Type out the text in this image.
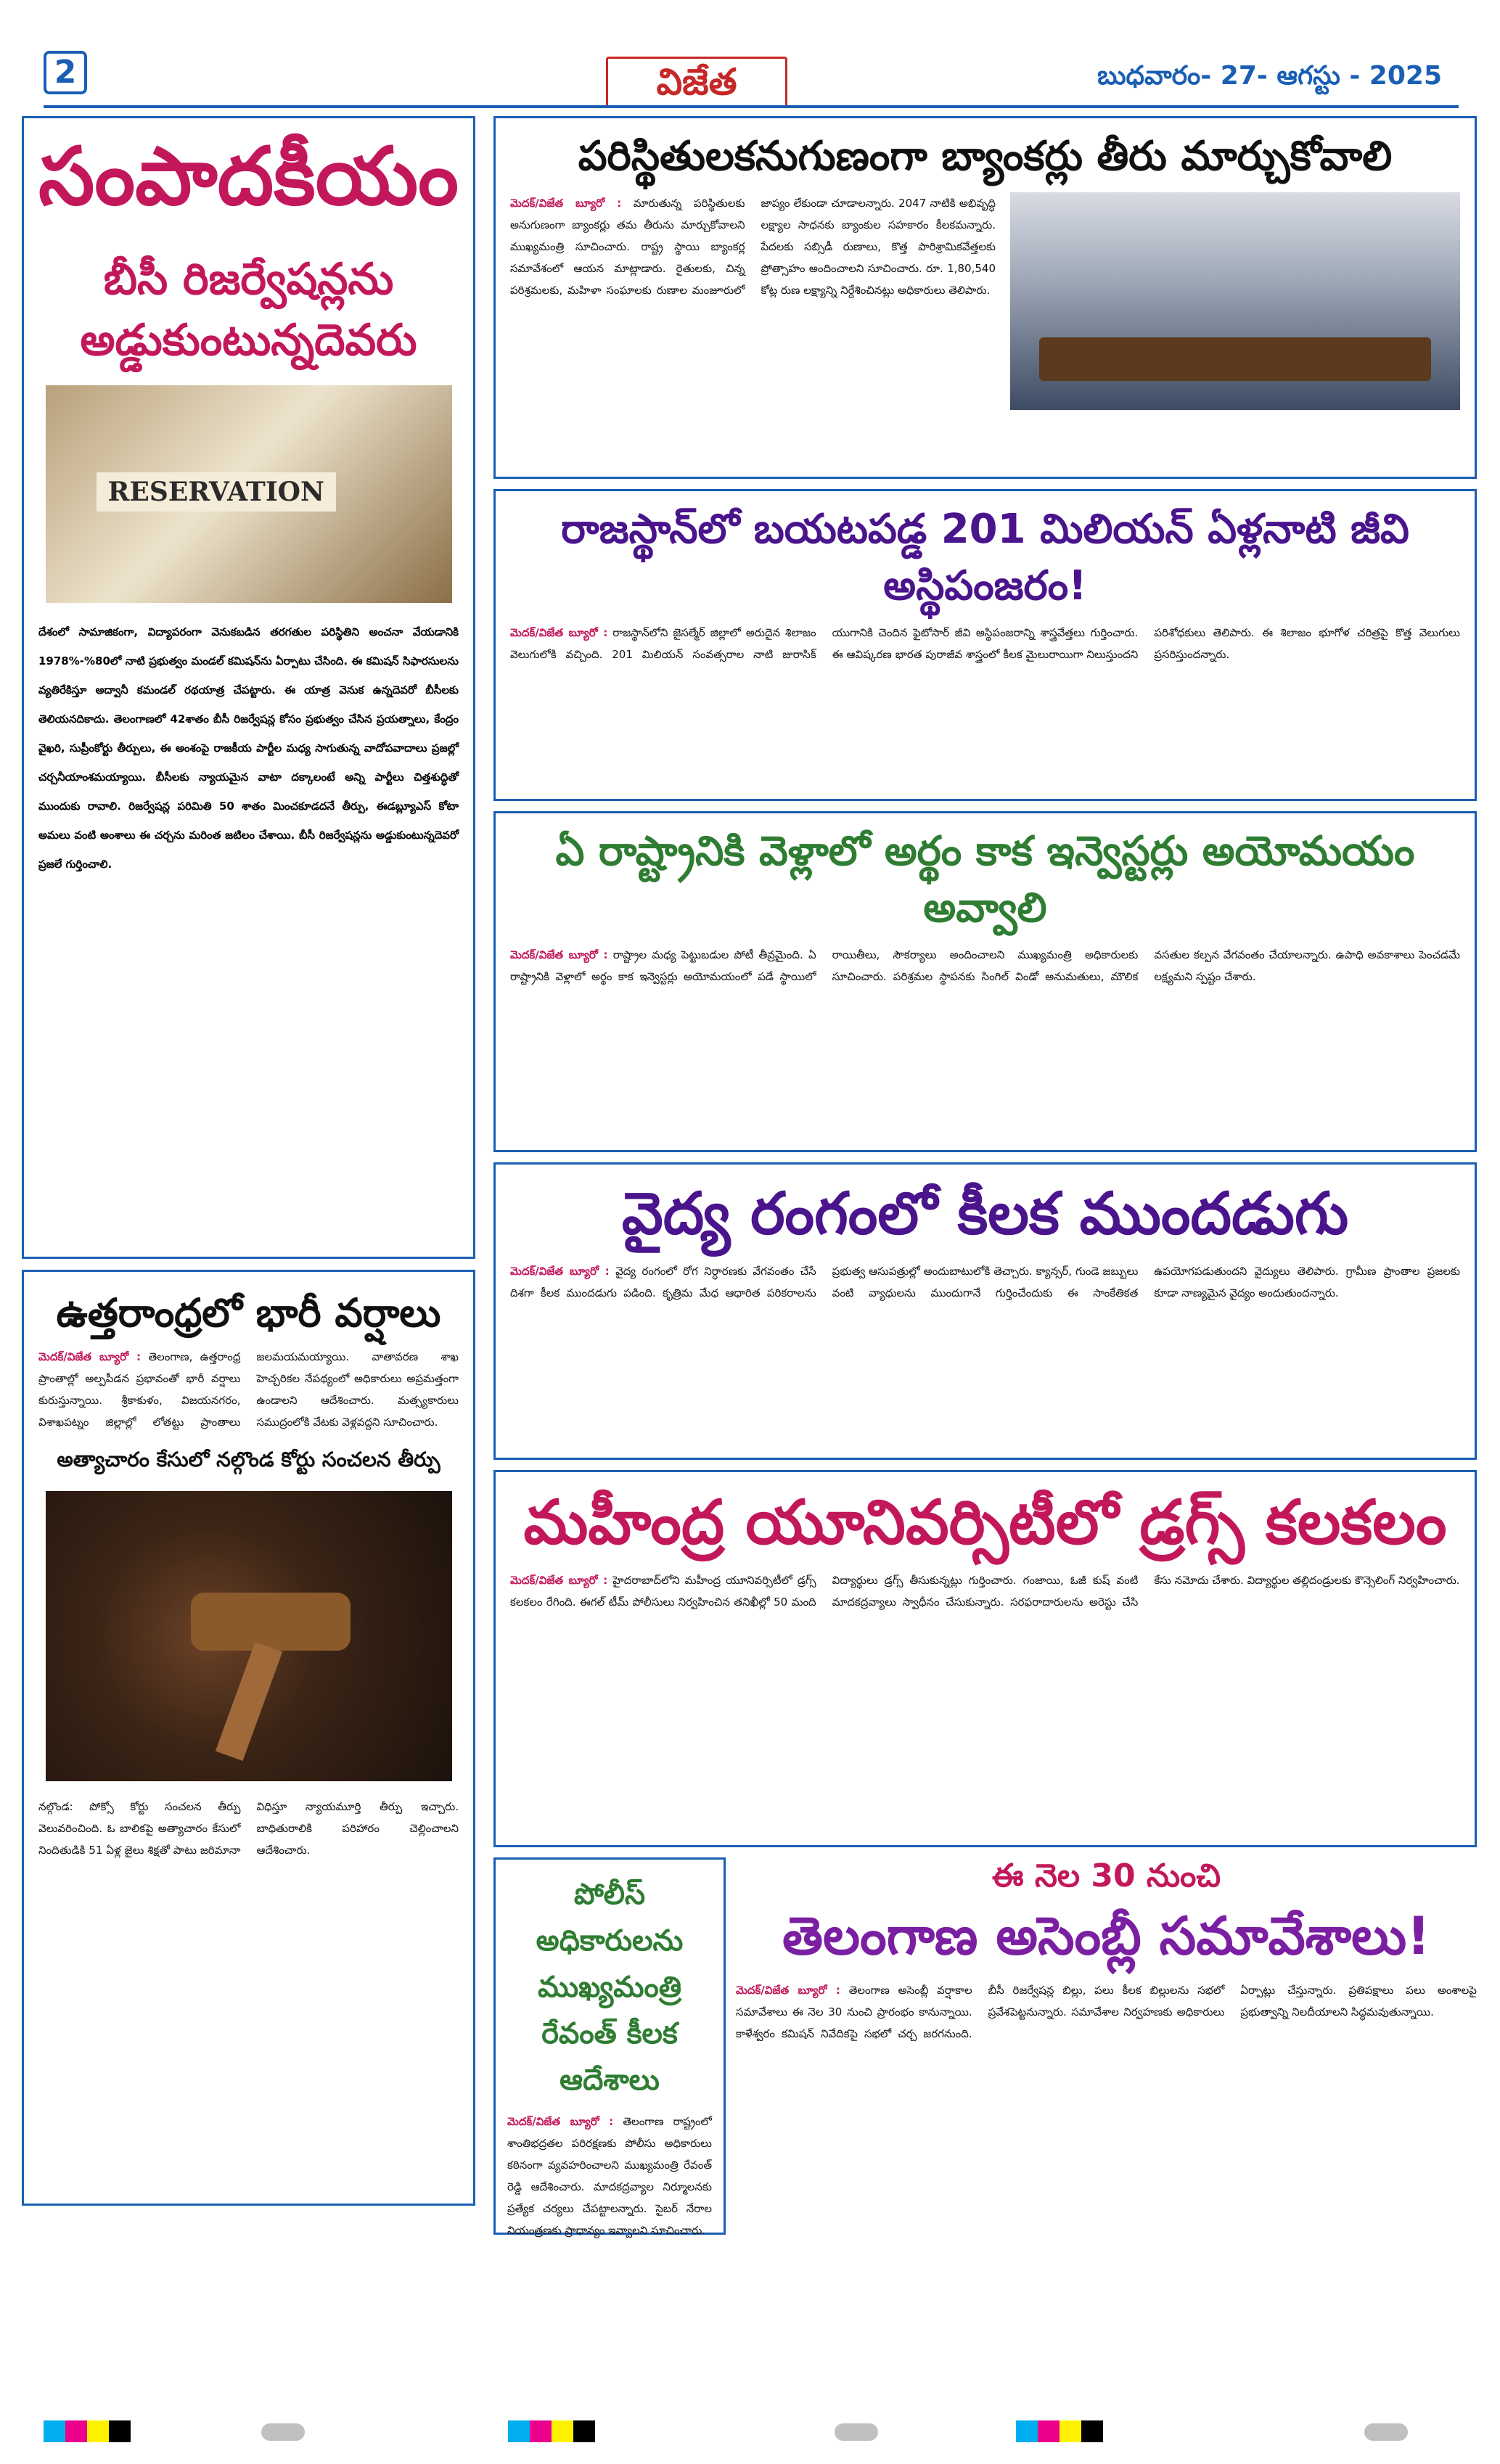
2	విజేత	బుధవారం- 27- ఆగస్టు - 2025
సంపాదకీయం
బీసీ రిజర్వేషన్లను అడ్డుకుంటున్నదెవరు
RESERVATION

దేశంలో సామాజికంగా, విద్యాపరంగా వెనుకబడిన తరగతుల పరిస్థితిని అంచనా వేయడానికి 1978%-%80లో నాటి ప్రభుత్వం మండల్ కమిషన్‌ను ఏర్పాటు చేసింది. ఈ కమిషన్ సిఫారసులను వ్యతిరేకిస్తూ అద్వానీ కమండల్ రథయాత్ర చేపట్టారు. ఈ యాత్ర వెనుక ఉన్నదెవరో బీసీలకు తెలియనదికాదు. తెలంగాణలో 42శాతం బీసీ రిజర్వేషన్ల కోసం ప్రభుత్వం చేసిన ప్రయత్నాలు, కేంద్రం వైఖరి, సుప్రీంకోర్టు తీర్పులు, ఈ అంశంపై రాజకీయ పార్టీల మధ్య సాగుతున్న వాదోపవాదాలు ప్రజల్లో చర్చనీయాంశమయ్యాయి. బీసీలకు న్యాయమైన వాటా దక్కాలంటే అన్ని పార్టీలు చిత్తశుద్ధితో ముందుకు రావాలి. రిజర్వేషన్ల పరిమితి 50 శాతం మించకూడదనే తీర్పు, ఈడబ్ల్యూఎస్ కోటా అమలు వంటి అంశాలు ఈ చర్చను మరింత జటిలం చేశాయి. బీసీ రిజర్వేషన్లను అడ్డుకుంటున్నదెవరో ప్రజలే గుర్తించాలి.

ఉత్తరాంధ్రలో భారీ వర్షాలు

మెదక్/విజేత బ్యూరో : తెలంగాణ, ఉత్తరాంధ్ర ప్రాంతాల్లో అల్పపీడన ప్రభావంతో భారీ వర్షాలు కురుస్తున్నాయి. శ్రీకాకుళం, విజయనగరం, విశాఖపట్నం జిల్లాల్లో లోతట్టు ప్రాంతాలు జలమయమయ్యాయి. వాతావరణ శాఖ హెచ్చరికల నేపథ్యంలో అధికారులు అప్రమత్తంగా ఉండాలని ఆదేశించారు. మత్స్యకారులు సముద్రంలోకి వేటకు వెళ్లవద్దని సూచించారు.

అత్యాచారం కేసులో నల్గొండ కోర్టు సంచలన తీర్పు

నల్గొండ: పోక్సో కోర్టు సంచలన తీర్పు వెలువరించింది. ఓ బాలికపై అత్యాచారం కేసులో నిందితుడికి 51 ఏళ్ల జైలు శిక్షతో పాటు జరిమానా విధిస్తూ న్యాయమూర్తి తీర్పు ఇచ్చారు. బాధితురాలికి పరిహారం చెల్లించాలని ఆదేశించారు.

పరిస్థితులకనుగుణంగా బ్యాంకర్లు తీరు మార్చుకోవాలి

మెదక్/విజేత బ్యూరో : మారుతున్న పరిస్థితులకు అనుగుణంగా బ్యాంకర్లు తమ తీరును మార్చుకోవాలని ముఖ్యమంత్రి సూచించారు. రాష్ట్ర స్థాయి బ్యాంకర్ల సమావేశంలో ఆయన మాట్లాడారు. రైతులకు, చిన్న పరిశ్రమలకు, మహిళా సంఘాలకు రుణాల మంజూరులో జాప్యం లేకుండా చూడాలన్నారు. 2047 నాటికి అభివృద్ధి లక్ష్యాల సాధనకు బ్యాంకుల సహకారం కీలకమన్నారు. పేదలకు సబ్సిడీ రుణాలు, కొత్త పారిశ్రామికవేత్తలకు ప్రోత్సాహం అందించాలని సూచించారు. రూ. 1,80,540 కోట్ల రుణ లక్ష్యాన్ని నిర్దేశించినట్లు అధికారులు తెలిపారు.

రాజస్థాన్‌లో బయటపడ్డ 201 మిలియన్ ఏళ్లనాటి జీవి అస్థిపంజరం!

మెదక్/విజేత బ్యూరో : రాజస్థాన్‌లోని జైసల్మేర్ జిల్లాలో అరుదైన శిలాజం వెలుగులోకి వచ్చింది. 201 మిలియన్ సంవత్సరాల నాటి జురాసిక్ యుగానికి చెందిన ఫైటోసార్ జీవి అస్థిపంజరాన్ని శాస్త్రవేత్తలు గుర్తించారు. ఈ ఆవిష్కరణ భారత పురాజీవ శాస్త్రంలో కీలక మైలురాయిగా నిలుస్తుందని పరిశోధకులు తెలిపారు. ఈ శిలాజం భూగోళ చరిత్రపై కొత్త వెలుగులు ప్రసరిస్తుందన్నారు.

ఏ రాష్ట్రానికి వెళ్లాలో అర్థం కాక ఇన్వెస్టర్లు అయోమయం అవ్వాలి

మెదక్/విజేత బ్యూరో : రాష్ట్రాల మధ్య పెట్టుబడుల పోటీ తీవ్రమైంది. ఏ రాష్ట్రానికి వెళ్లాలో అర్థం కాక ఇన్వెస్టర్లు అయోమయంలో పడే స్థాయిలో రాయితీలు, సౌకర్యాలు అందించాలని ముఖ్యమంత్రి అధికారులకు సూచించారు. పరిశ్రమల స్థాపనకు సింగిల్ విండో అనుమతులు, మౌలిక వసతుల కల్పన వేగవంతం చేయాలన్నారు. ఉపాధి అవకాశాలు పెంచడమే లక్ష్యమని స్పష్టం చేశారు.

వైద్య రంగంలో కీలక ముందడుగు

మెదక్/విజేత బ్యూరో : వైద్య రంగంలో రోగ నిర్ధారణకు వేగవంతం చేసే దిశగా కీలక ముందడుగు పడింది. కృత్రిమ మేధ ఆధారిత పరికరాలను ప్రభుత్వ ఆసుపత్రుల్లో అందుబాటులోకి తెచ్చారు. క్యాన్సర్, గుండె జబ్బులు వంటి వ్యాధులను ముందుగానే గుర్తించేందుకు ఈ సాంకేతికత ఉపయోగపడుతుందని వైద్యులు తెలిపారు. గ్రామీణ ప్రాంతాల ప్రజలకు కూడా నాణ్యమైన వైద్యం అందుతుందన్నారు.

మహీంద్ర యూనివర్సిటీలో డ్రగ్స్ కలకలం

మెదక్/విజేత బ్యూరో : హైదరాబాద్‌లోని మహీంద్ర యూనివర్సిటీలో డ్రగ్స్ కలకలం రేగింది. ఈగల్ టీమ్ పోలీసులు నిర్వహించిన తనిఖీల్లో 50 మంది విద్యార్థులు డ్రగ్స్ తీసుకున్నట్లు గుర్తించారు. గంజాయి, ఓజీ కుష్ వంటి మాదకద్రవ్యాలు స్వాధీనం చేసుకున్నారు. సరఫరాదారులను అరెస్టు చేసి కేసు నమోదు చేశారు. విద్యార్థుల తల్లిదండ్రులకు కౌన్సెలింగ్ నిర్వహించారు.

పోలీస్ అధికారులను ముఖ్యమంత్రి రేవంత్ కీలక ఆదేశాలు

మెదక్/విజేత బ్యూరో : తెలంగాణ రాష్ట్రంలో శాంతిభద్రతల పరిరక్షణకు పోలీసు అధికారులు కఠినంగా వ్యవహరించాలని ముఖ్యమంత్రి రేవంత్ రెడ్డి ఆదేశించారు. మాదకద్రవ్యాల నిర్మూలనకు ప్రత్యేక చర్యలు చేపట్టాలన్నారు. సైబర్ నేరాల నియంత్రణకు ప్రాధాన్యం ఇవ్వాలని సూచించారు.

ఈ నెల 30 నుంచి
తెలంగాణ అసెంబ్లీ సమావేశాలు!

మెదక్/విజేత బ్యూరో : తెలంగాణ అసెంబ్లీ వర్షాకాల సమావేశాలు ఈ నెల 30 నుంచి ప్రారంభం కానున్నాయి. కాళేశ్వరం కమిషన్ నివేదికపై సభలో చర్చ జరగనుంది. బీసీ రిజర్వేషన్ల బిల్లు, పలు కీలక బిల్లులను సభలో ప్రవేశపెట్టనున్నారు. సమావేశాల నిర్వహణకు అధికారులు ఏర్పాట్లు చేస్తున్నారు. ప్రతిపక్షాలు పలు అంశాలపై ప్రభుత్వాన్ని నిలదీయాలని సిద్ధమవుతున్నాయి.
